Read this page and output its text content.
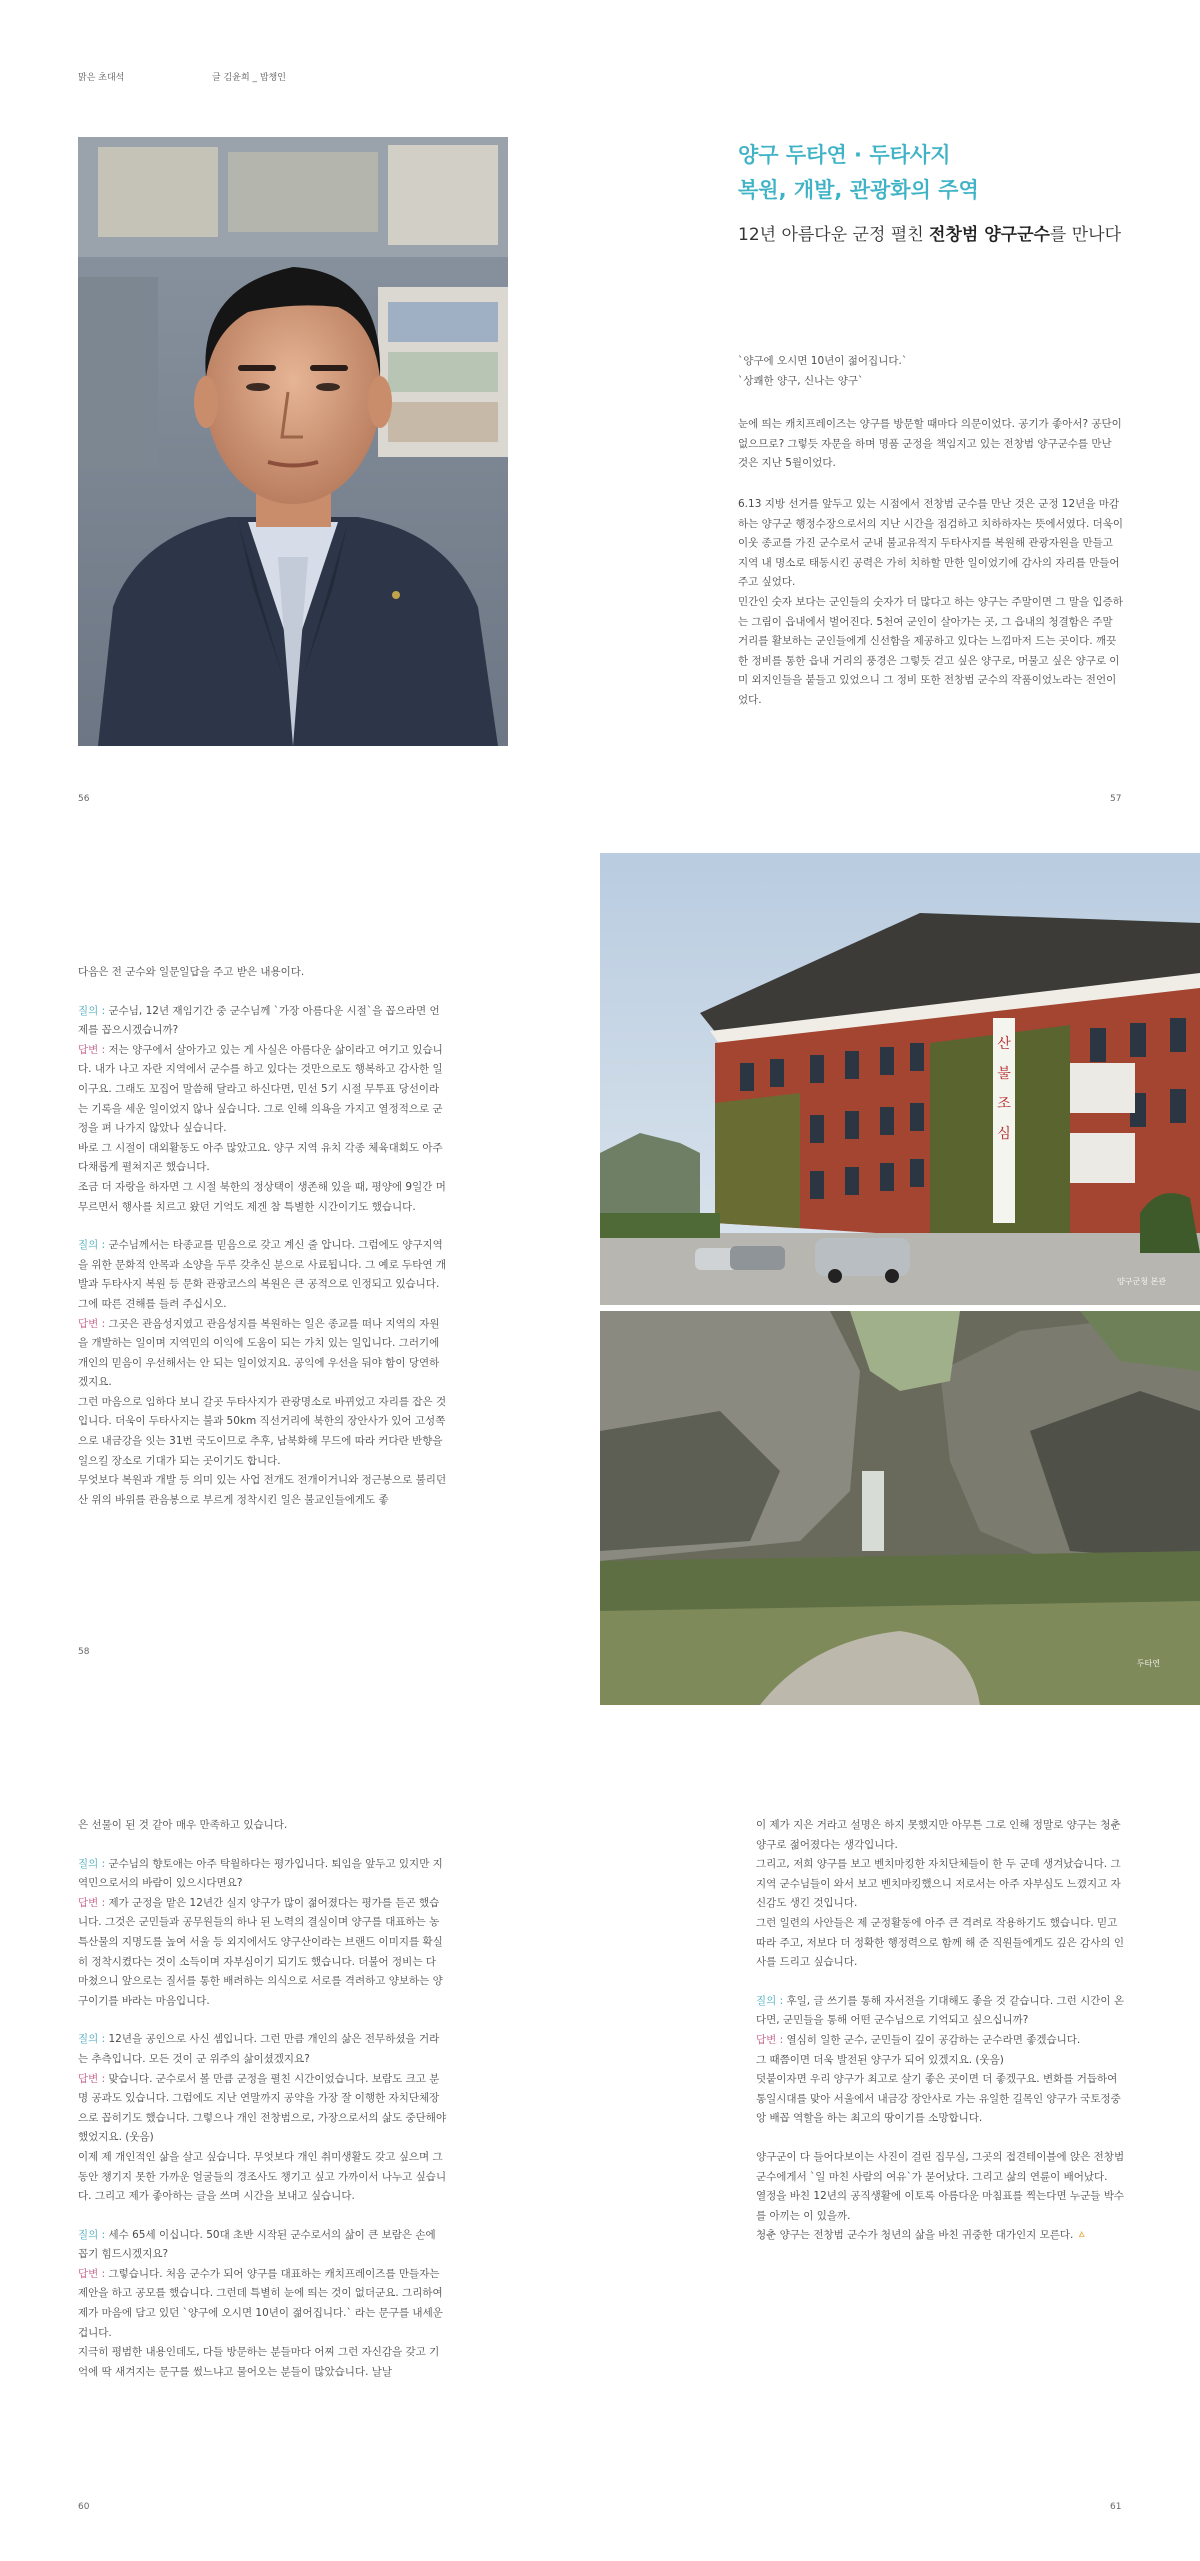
맑은 초대석	글 김윤희 _ 밥챙인
양구 두타연 · 두타사지
복원, 개발, 관광화의 주역
12년 아름다운 군정 펼친 전창범 양구군수를 만나다

`양구에 오시면 10년이 젊어집니다.`

`상쾌한 양구, 신나는 양구`

눈에 띄는 캐치프레이즈는 양구를 방문할 때마다 의문이었다. 공기가 좋아서? 공단이 없으므로? 그렇듯 자문을 하며 명품 군정을 책임지고 있는 전창범 양구군수를 만난 것은 지난 5월이었다.

6.13 지방 선거를 앞두고 있는 시점에서 전창범 군수를 만난 것은 군정 12년을 마감하는 양구군 행정수장으로서의 지난 시간을 점검하고 치하하자는 뜻에서였다. 더욱이 이웃 종교를 가진 군수로서 군내 불교유적지 두타사지를 복원해 관광자원을 만들고 지역 내 명소로 태동시킨 공력은 가히 치하할 만한 일이었기에 감사의 자리를 만들어주고 싶었다.

민간인 숫자 보다는 군인들의 숫자가 더 많다고 하는 양구는 주말이면 그 말을 입증하는 그림이 읍내에서 벌어진다. 5천여 군인이 살아가는 곳, 그 읍내의 청결함은 주말 거리를 활보하는 군인들에게 신선함을 제공하고 있다는 느낌마저 드는 곳이다. 깨끗한 정비를 통한 읍내 거리의 풍경은 그렇듯 걷고 싶은 양구로, 머물고 싶은 양구로 이미 외지인들을 붙들고 있었으니 그 정비 또한 전창범 군수의 작품이었노라는 전언이었다.

56	57

다음은 전 군수와 일문일답을 주고 받은 내용이다.

질의 : 군수님, 12년 재임기간 중 군수님께 `가장 아름다운 시절`을 꼽으라면 언제를 꼽으시겠습니까?

답변 : 저는 양구에서 살아가고 있는 게 사실은 아름다운 삶이라고 여기고 있습니다. 내가 나고 자란 지역에서 군수를 하고 있다는 것만으로도 행복하고 감사한 일이구요. 그래도 꼬집어 말씀해 달라고 하신다면, 민선 5기 시절 무투표 당선이라는 기록을 세운 일이었지 않나 싶습니다. 그로 인해 의욕을 가지고 열정적으로 군정을 펴 나가지 않았나 싶습니다.

바로 그 시절이 대외활동도 아주 많았고요. 양구 지역 유치 각종 체육대회도 아주 다채롭게 펼쳐지곤 했습니다.

조금 더 자랑을 하자면 그 시절 북한의 정상택이 생존해 있을 때, 평양에 9일간 머무르면서 행사를 치르고 왔던 기억도 제겐 참 특별한 시간이기도 했습니다.

질의 : 군수님께서는 타종교를 믿음으로 갖고 계신 줄 압니다. 그럼에도 양구지역을 위한 문화적 안목과 소양을 두루 갖추신 분으로 사료됩니다. 그 예로 두타연 개발과 두타사지 복원 등 문화 관광코스의 복원은 큰 공적으로 인정되고 있습니다. 그에 따른 견해를 들려 주십시오.

답변 : 그곳은 관음성지였고 관음성지를 복원하는 일은 종교를 떠나 지역의 자원을 개발하는 일이며 지역민의 이익에 도움이 되는 가치 있는 일입니다. 그러기에 개인의 믿음이 우선해서는 안 되는 일이었지요. 공익에 우선을 둬야 함이 당연하겠지요.

그런 마음으로 임하다 보니 갈곳 두타사지가 관광명소로 바뀌었고 자리를 잡은 것입니다. 더욱이 두타사지는 불과 50km 직선거리에 북한의 장안사가 있어 고성쪽으로 내금강을 잇는 31번 국도이므로 추후, 남북화해 무드에 따라 커다란 반향을 일으킬 장소로 기대가 되는 곳이기도 합니다.

무엇보다 복원과 개발 등 의미 있는 사업 전개도 전개이거니와 정근봉으로 불리던 산 위의 바위를 관음봉으로 부르게 정착시킨 일은 불교인들에게도 좋

58
산
불
조
심
양구군청 본관
두타연

은 선물이 된 것 같아 매우 만족하고 있습니다.

질의 : 군수님의 향토애는 아주 탁월하다는 평가입니다. 퇴임을 앞두고 있지만 지역민으로서의 바람이 있으시다면요?

답변 : 제가 군정을 맡은 12년간 실지 양구가 많이 젊어졌다는 평가를 듣곤 했습니다. 그것은 군민들과 공무원들의 하나 된 노력의 결실이며 양구를 대표하는 농특산물의 지명도를 높여 서울 등 외지에서도 양구산이라는 브랜드 이미지를 확실히 정착시켰다는 것이 소득이며 자부심이기 되기도 했습니다. 더불어 정비는 다 마쳤으니 앞으로는 질서를 통한 배려하는 의식으로 서로를 격려하고 양보하는 양구이기를 바라는 마음입니다.

질의 : 12년을 공인으로 사신 셈입니다. 그런 만큼 개인의 삶은 전무하셨을 거라는 추측입니다. 모든 것이 군 위주의 삶이셨겠지요?

답변 : 맞습니다. 군수로서 볼 만큼 군정을 펼친 시간이었습니다. 보람도 크고 분명 공과도 있습니다. 그럼에도 지난 연말까지 공약을 가장 잘 이행한 자치단체장으로 꼽히기도 했습니다. 그렇으나 개인 전창범으로, 가장으로서의 삶도 중단해야 했었지요. (웃음)

이제 제 개인적인 삶을 살고 싶습니다. 무엇보다 개인 취미생활도 갖고 싶으며 그동안 챙기지 못한 가까운 얼굴들의 경조사도 챙기고 싶고 가까이서 나누고 싶습니다. 그리고 제가 좋아하는 글을 쓰며 시간을 보내고 싶습니다.

질의 : 세수 65세 이십니다. 50대 초반 시작된 군수로서의 삶이 큰 보람은 손에 꼽기 힘드시겠지요?

답변 : 그렇습니다. 처음 군수가 되어 양구를 대표하는 캐치프레이즈를 만들자는 제안을 하고 공모를 했습니다. 그런데 특별히 눈에 띄는 것이 없더군요. 그리하여 제가 마음에 담고 있던 `양구에 오시면 10년이 젊어집니다.` 라는 문구를 내세운 겁니다.

지극히 평범한 내용인데도, 다들 방문하는 분들마다 어찌 그런 자신감을 갖고 기억에 딱 새겨지는 문구를 썼느냐고 물어오는 분들이 많았습니다. 날날

이 제가 지은 거라고 설명은 하지 못했지만 아무튼 그로 인해 정말로 양구는 청춘 양구로 젊어졌다는 생각입니다.

그리고, 저희 양구를 보고 벤치마킹한 자치단체들이 한 두 군데 생겨났습니다. 그 지역 군수님들이 와서 보고 벤치마킹했으니 저로서는 아주 자부심도 느꼈지고 자신감도 생긴 것입니다.

그런 일련의 사안들은 제 군정활동에 아주 큰 격려로 작용하기도 했습니다. 믿고 따라 주고, 저보다 더 정확한 행정력으로 함께 해 준 직원들에게도 깊은 감사의 인사를 드리고 싶습니다.

질의 : 후일, 글 쓰기를 통해 자서전을 기대해도 좋을 것 같습니다. 그런 시간이 온다면, 군민들을 통해 어떤 군수님으로 기억되고 싶으십니까?

답변 : 열심히 일한 군수, 군민들이 깊이 공감하는 군수라면 좋겠습니다.

그 때쯤이면 더욱 발전된 양구가 되어 있겠지요. (웃음)

덧붙이자면 우리 양구가 최고로 살기 좋은 곳이면 더 좋겠구요. 변화를 거듭하여 통일시대를 맞아 서울에서 내금강 장안사로 가는 유일한 길목인 양구가 국토정중앙 배꼽 역할을 하는 최고의 땅이기를 소망합니다.

양구군이 다 들어다보이는 사진이 걸린 집무실, 그곳의 접견테이블에 앉은 전창범 군수에게서 `일 마친 사람의 여유`가 묻어났다. 그리고 삶의 연륜이 배어났다.

열정을 바친 12년의 공직생활에 이토록 아름다운 마침표를 찍는다면 누군들 박수를 아끼는 이 있을까.

청춘 양구는 전창범 군수가 청년의 삶을 바친 귀중한 대가인지 모른다. ㅿ

60	61
